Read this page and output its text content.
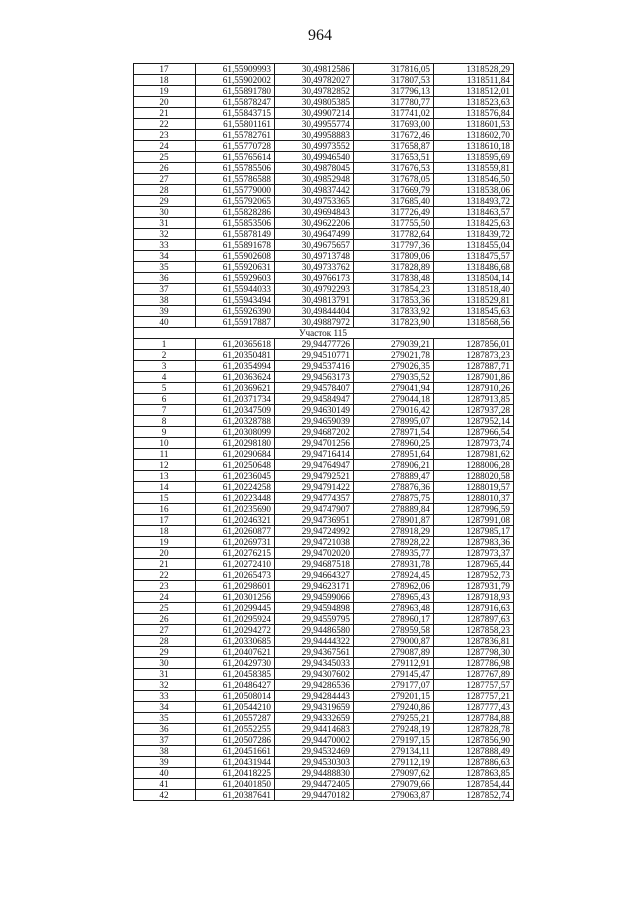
964
17	61,55909993	30,49812586	317816,05	1318528,29
18	61,55902002	30,49782027	317807,53	1318511,84
19	61,55891780	30,49782852	317796,13	1318512,01
20	61,55878247	30,49805385	317780,77	1318523,63
21	61,55843715	30,49907214	317741,02	1318576,84
22	61,55801161	30,49955774	317693,00	1318601,53
23	61,55782761	30,49958883	317672,46	1318602,70
24	61,55770728	30,49973552	317658,87	1318610,18
25	61,55765614	30,49946540	317653,51	1318595,69
26	61,55785506	30,49878045	317676,53	1318559,81
27	61,55786588	30,49852948	317678,05	1318546,50
28	61,55779000	30,49837442	317669,79	1318538,06
29	61,55792065	30,49753365	317685,40	1318493,72
30	61,55828286	30,49694843	317726,49	1318463,57
31	61,55853506	30,49622206	317755,50	1318425,63
32	61,55878149	30,49647499	317782,64	1318439,72
33	61,55891678	30,49675657	317797,36	1318455,04
34	61,55902608	30,49713748	317809,06	1318475,57
35	61,55920631	30,49733762	317828,89	1318486,68
36	61,55929603	30,49766173	317838,48	1318504,14
37	61,55944033	30,49792293	317854,23	1318518,40
38	61,55943494	30,49813791	317853,36	1318529,81
39	61,55926390	30,49844404	317833,92	1318545,63
40	61,55917887	30,49887972	317823,90	1318568,56
Участок 115				
1	61,20365618	29,94477726	279039,21	1287856,01
2	61,20350481	29,94510771	279021,78	1287873,23
3	61,20354994	29,94537416	279026,35	1287887,71
4	61,20363624	29,94563173	279035,52	1287901,86
5	61,20369621	29,94578407	279041,94	1287910,26
6	61,20371734	29,94584947	279044,18	1287913,85
7	61,20347509	29,94630149	279016,42	1287937,28
8	61,20328788	29,94659039	278995,07	1287952,14
9	61,20308099	29,94687202	278971,54	1287966,54
10	61,20298180	29,94701256	278960,25	1287973,74
11	61,20290684	29,94716414	278951,64	1287981,62
12	61,20250648	29,94764947	278906,21	1288006,28
13	61,20236045	29,94792521	278889,47	1288020,58
14	61,20224258	29,94791422	278876,36	1288019,57
15	61,20223448	29,94774357	278875,75	1288010,37
16	61,20235690	29,94747907	278889,84	1287996,59
17	61,20246321	29,94736951	278901,87	1287991,08
18	61,20260877	29,94724992	278918,29	1287985,17
19	61,20269731	29,94721038	278928,22	1287983,36
20	61,20276215	29,94702020	278935,77	1287973,37
21	61,20272410	29,94687518	278931,78	1287965,44
22	61,20265473	29,94664327	278924,45	1287952,73
23	61,20298601	29,94623171	278962,06	1287931,79
24	61,20301256	29,94599066	278965,43	1287918,93
25	61,20299445	29,94594898	278963,48	1287916,63
26	61,20295924	29,94559795	278960,17	1287897,63
27	61,20294272	29,94486580	278959,58	1287858,23
28	61,20330685	29,94444322	279000,87	1287836,81
29	61,20407621	29,94367561	279087,89	1287798,30
30	61,20429730	29,94345033	279112,91	1287786,98
31	61,20458385	29,94307602	279145,47	1287767,89
32	61,20486427	29,94286536	279177,07	1287757,57
33	61,20508014	29,94284443	279201,15	1287757,21
34	61,20544210	29,94319659	279240,86	1287777,43
35	61,20557287	29,94332659	279255,21	1287784,88
36	61,20552255	29,94414683	279248,19	1287828,78
37	61,20507286	29,94470002	279197,15	1287856,90
38	61,20451661	29,94532469	279134,11	1287888,49
39	61,20431944	29,94530303	279112,19	1287886,63
40	61,20418225	29,94488830	279097,62	1287863,85
41	61,20401850	29,94472405	279079,66	1287854,44
42	61,20387641	29,94470182	279063,87	1287852,74
